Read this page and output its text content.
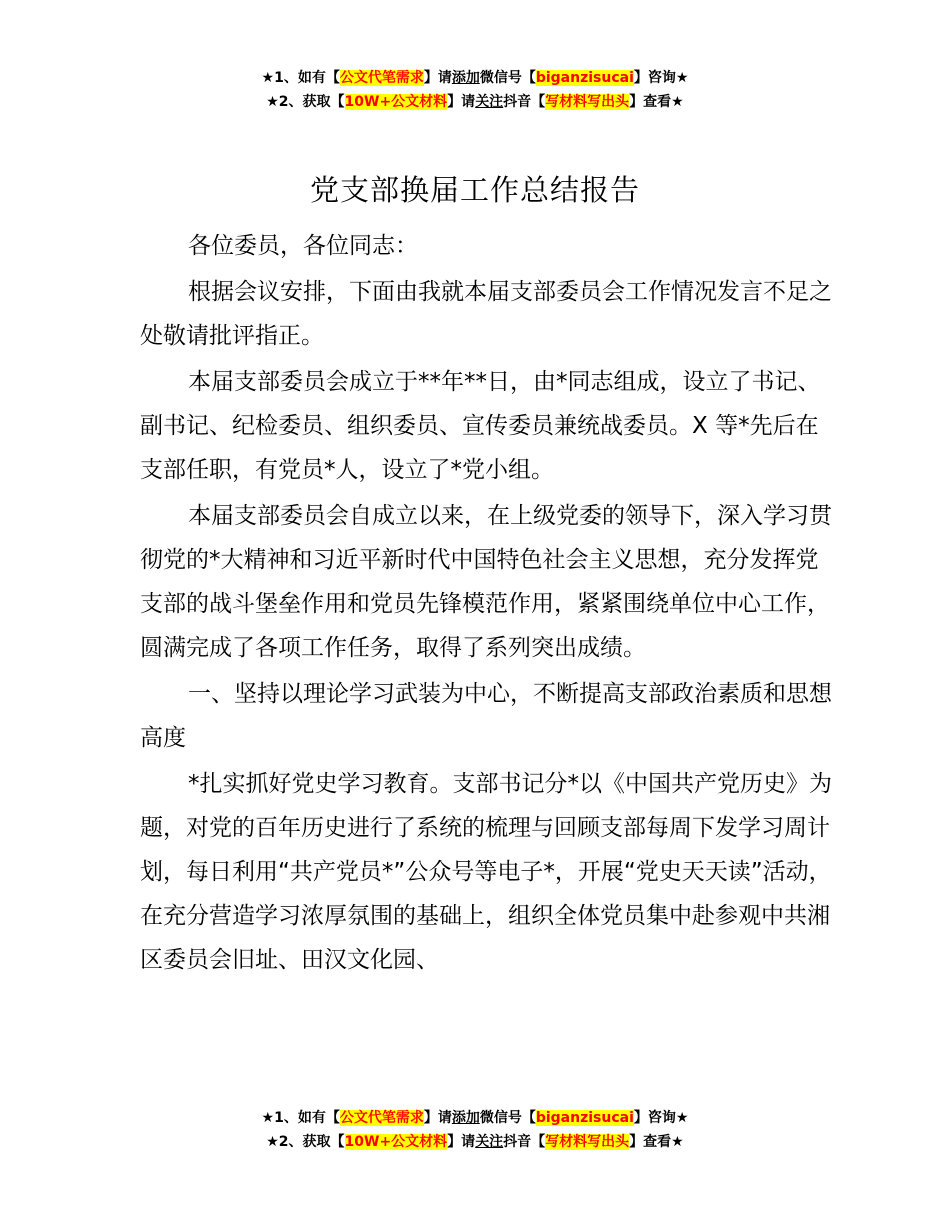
★1、如有【公文代笔需求】请添加微信号【biganzisucai】咨询★
★2、获取【10W+公文材料】请关注抖音【写材料写出头】查看★
党支部换届工作总结报告

各位委员，各位同志：

根据会议安排，下面由我就本届支部委员会工作情况发言不足之处敬请批评指正。

本届支部委员会成立于**年**日，由*同志组成，设立了书记、副书记、纪检委员、组织委员、宣传委员兼统战委员。X 等*先后在支部任职，有党员*人，设立了*党小组。

本届支部委员会自成立以来，在上级党委的领导下，深入学习贯彻党的*大精神和习近平新时代中国特色社会主义思想，充分发挥党支部的战斗堡垒作用和党员先锋模范作用，紧紧围绕单位中心工作，圆满完成了各项工作任务，取得了系列突出成绩。

一、坚持以理论学习武装为中心，不断提高支部政治素质和思想高度

*扎实抓好党史学习教育。支部书记分*以《中国共产党历史》为题，对党的百年历史进行了系统的梳理与回顾支部每周下发学习周计划，每日利用“共产党员*”公众号等电子*，开展“党史天天读”活动，在充分营造学习浓厚氛围的基础上，组织全体党员集中赴参观中共湘区委员会旧址、田汉文化园、

★1、如有【公文代笔需求】请添加微信号【biganzisucai】咨询★
★2、获取【10W+公文材料】请关注抖音【写材料写出头】查看★
